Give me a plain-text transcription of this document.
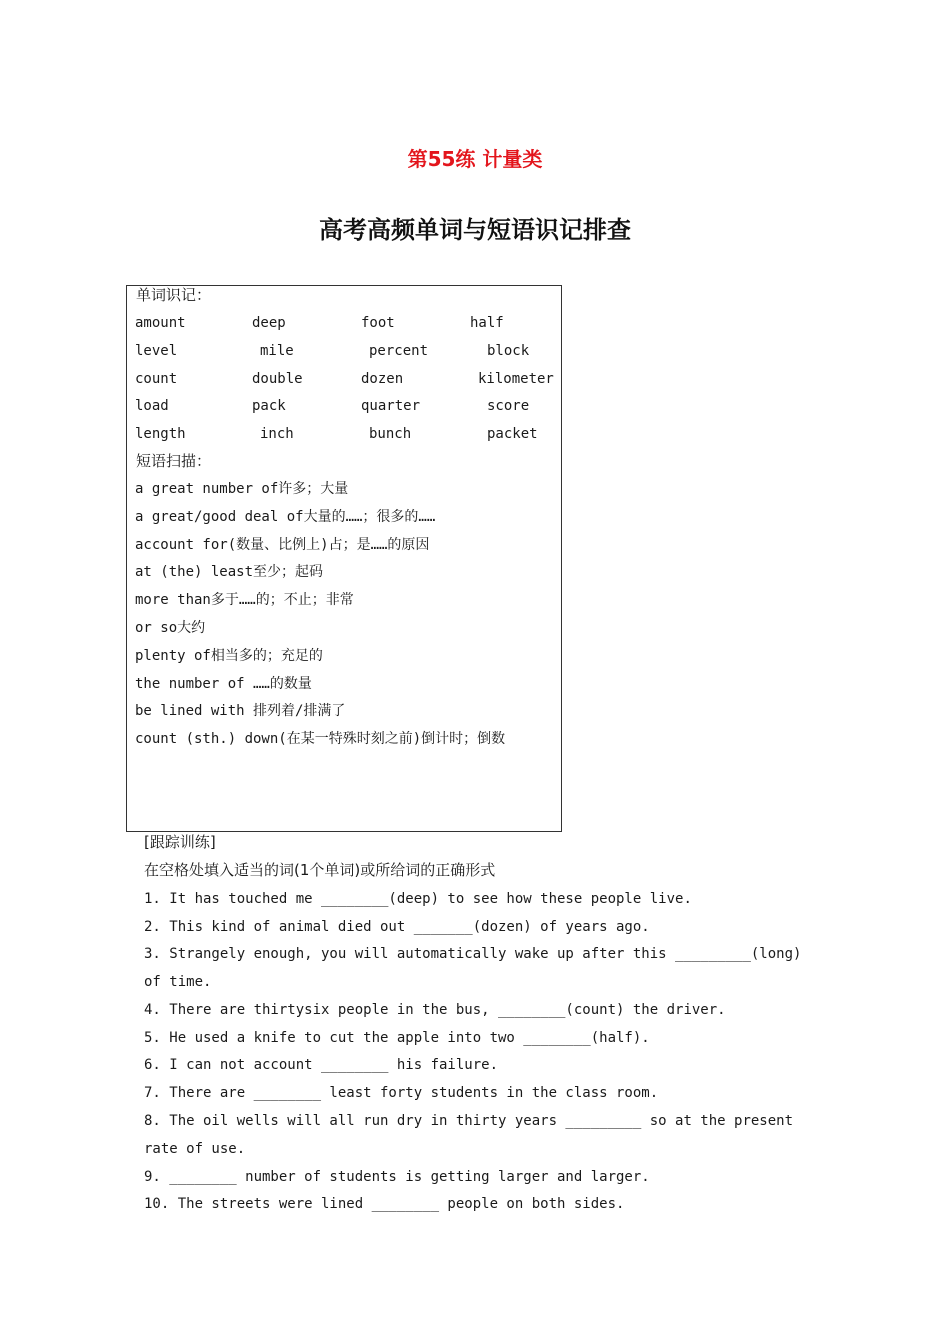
第55练 计量类
高考高频单词与短语识记排查
单词识记：
amount	deep	foot	half
level	mile	percent	block
count	double	dozen	kilometer
load	pack	quarter	score
length	inch	bunch	packet
短语扫描：
a great number of许多；大量
a great/good deal of大量的……；很多的……
account for(数量、比例上)占；是……的原因
at (the) least至少；起码
more than多于……的；不止；非常
or so大约
plenty of相当多的；充足的
the number of ……的数量
be lined with 排列着/排满了
count (sth.) down(在某一特殊时刻之前)倒计时；倒数
[跟踪训练]
在空格处填入适当的词(1个单词)或所给词的正确形式
1. It has touched me ________(deep) to see how these people live.
2. This kind of animal died out _______(dozen) of years ago.
3. Strangely enough, you will automatically wake up after this _________(long)
of time.
4. There are thirtysix people in the bus, ________(count) the driver.
5. He used a knife to cut the apple into two ________(half).
6. I can not account ________ his failure.
7. There are ________ least forty students in the class room.
8. The oil wells will all run dry in thirty years _________ so at the present
rate of use.
9. ________ number of students is getting larger and larger.
10. The streets were lined ________ people on both sides.
